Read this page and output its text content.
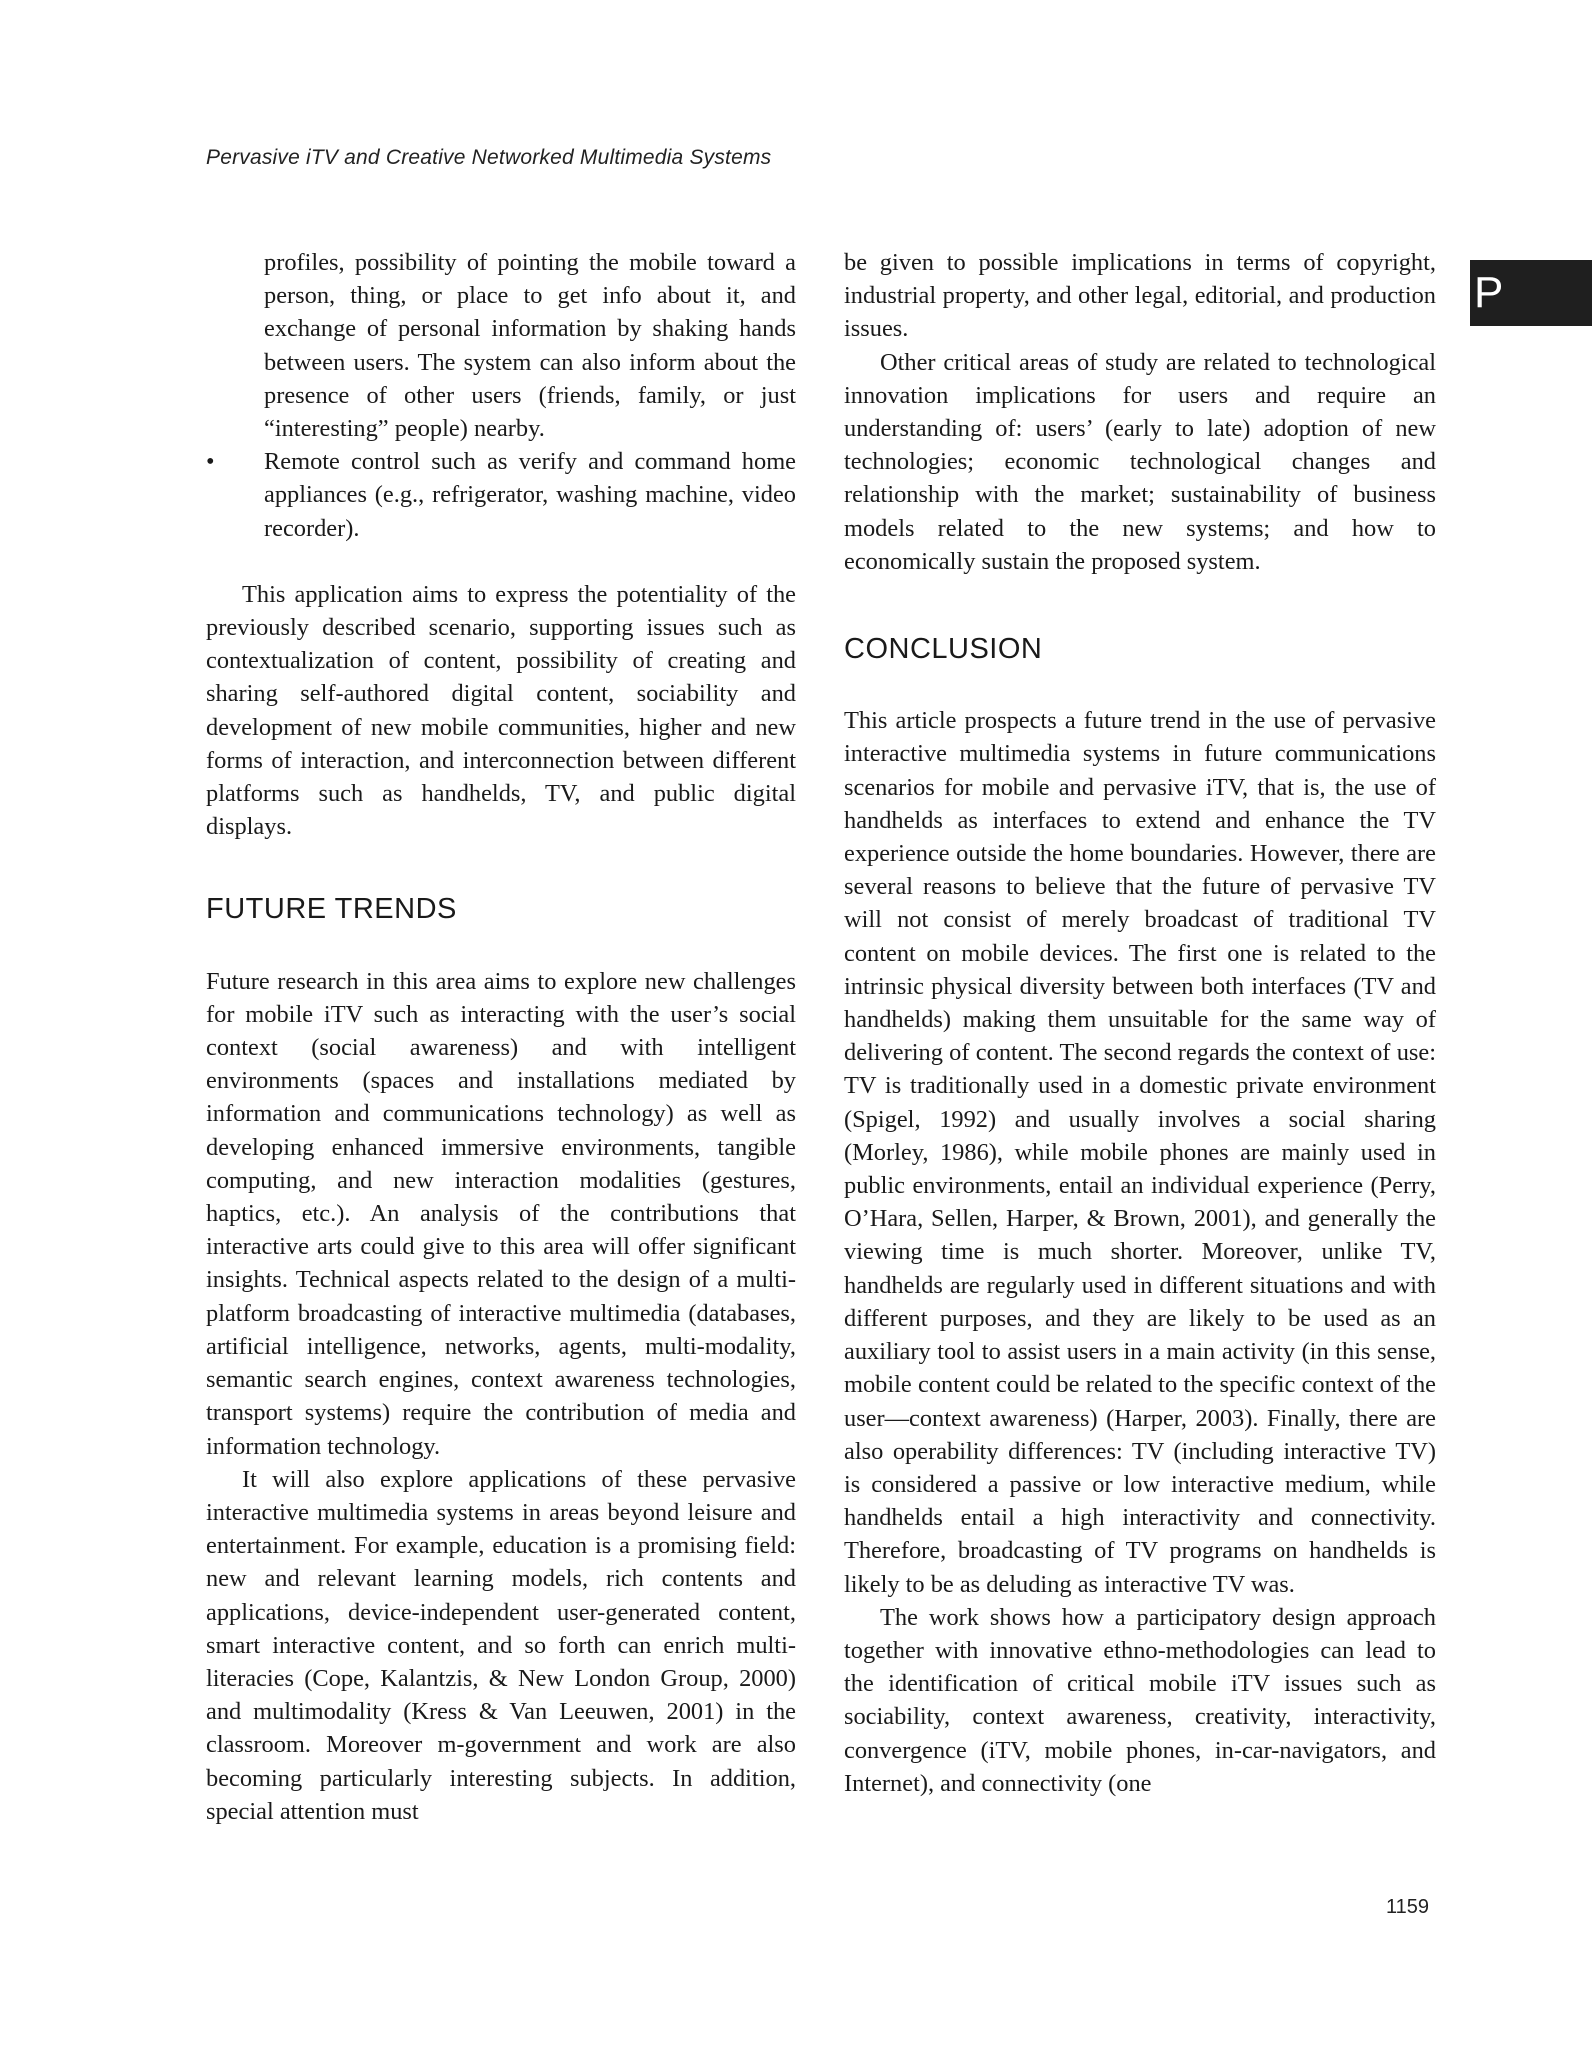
Pervasive iTV and Creative Networked Multimedia Systems
P

profiles, possibility of pointing the mobile toward a person, thing, or place to get info about it, and exchange of personal information by shaking hands between users. The system can also inform about the presence of other users (friends, family, or just “interesting” people) nearby.

• Remote control such as verify and command home appliances (e.g., refrigerator, washing machine, video recorder).

This application aims to express the potentiality of the previously described scenario, supporting issues such as contextualization of content, possibility of creating and sharing self-authored digital content, sociability and development of new mobile communities, higher and new forms of interaction, and interconnection between different platforms such as handhelds, TV, and public digital displays.

FUTURE TRENDS

Future research in this area aims to explore new challenges for mobile iTV such as interacting with the user’s social context (social awareness) and with intelligent environments (spaces and installations mediated by information and communications technology) as well as developing enhanced immersive environments, tangible computing, and new interaction modalities (gestures, haptics, etc.). An analysis of the contributions that interactive arts could give to this area will offer significant insights. Technical aspects related to the design of a multi-platform broadcasting of interactive multimedia (databases, artificial intelligence, networks, agents, multi-modality, semantic search engines, context awareness technologies, transport systems) require the contribution of media and information technology.

It will also explore applications of these pervasive interactive multimedia systems in areas beyond leisure and entertainment. For example, education is a promising field: new and relevant learning models, rich contents and applications, device-independent user-generated content, smart interactive content, and so forth can enrich multi-literacies (Cope, Kalantzis, & New London Group, 2000) and multimodality (Kress & Van Leeuwen, 2001) in the classroom. Moreover m-government and work are also becoming particularly interesting subjects. In addition, special attention must

be given to possible implications in terms of copyright, industrial property, and other legal, editorial, and production issues.

Other critical areas of study are related to technological innovation implications for users and require an understanding of: users’ (early to late) adoption of new technologies; economic technological changes and relationship with the market; sustainability of business models related to the new systems; and how to economically sustain the proposed system.

CONCLUSION

This article prospects a future trend in the use of pervasive interactive multimedia systems in future communications scenarios for mobile and pervasive iTV, that is, the use of handhelds as interfaces to extend and enhance the TV experience outside the home boundaries. However, there are several reasons to believe that the future of pervasive TV will not consist of merely broadcast of traditional TV content on mobile devices. The first one is related to the intrinsic physical diversity between both interfaces (TV and handhelds) making them unsuitable for the same way of delivering of content. The second regards the context of use: TV is traditionally used in a domestic private environment (Spigel, 1992) and usually involves a social sharing (Morley, 1986), while mobile phones are mainly used in public environments, entail an individual experience (Perry, O’Hara, Sellen, Harper, & Brown, 2001), and generally the viewing time is much shorter. Moreover, unlike TV, handhelds are regularly used in different situations and with different purposes, and they are likely to be used as an auxiliary tool to assist users in a main activity (in this sense, mobile content could be related to the specific context of the user—context awareness) (Harper, 2003). Finally, there are also operability differences: TV (including interactive TV) is considered a passive or low interactive medium, while handhelds entail a high interactivity and connectivity. Therefore, broadcasting of TV programs on handhelds is likely to be as deluding as interactive TV was.

The work shows how a participatory design approach together with innovative ethno-methodologies can lead to the identification of critical mobile iTV issues such as sociability, context awareness, creativity, interactivity, convergence (iTV, mobile phones, in-car-navigators, and Internet), and connectivity (one

1159
